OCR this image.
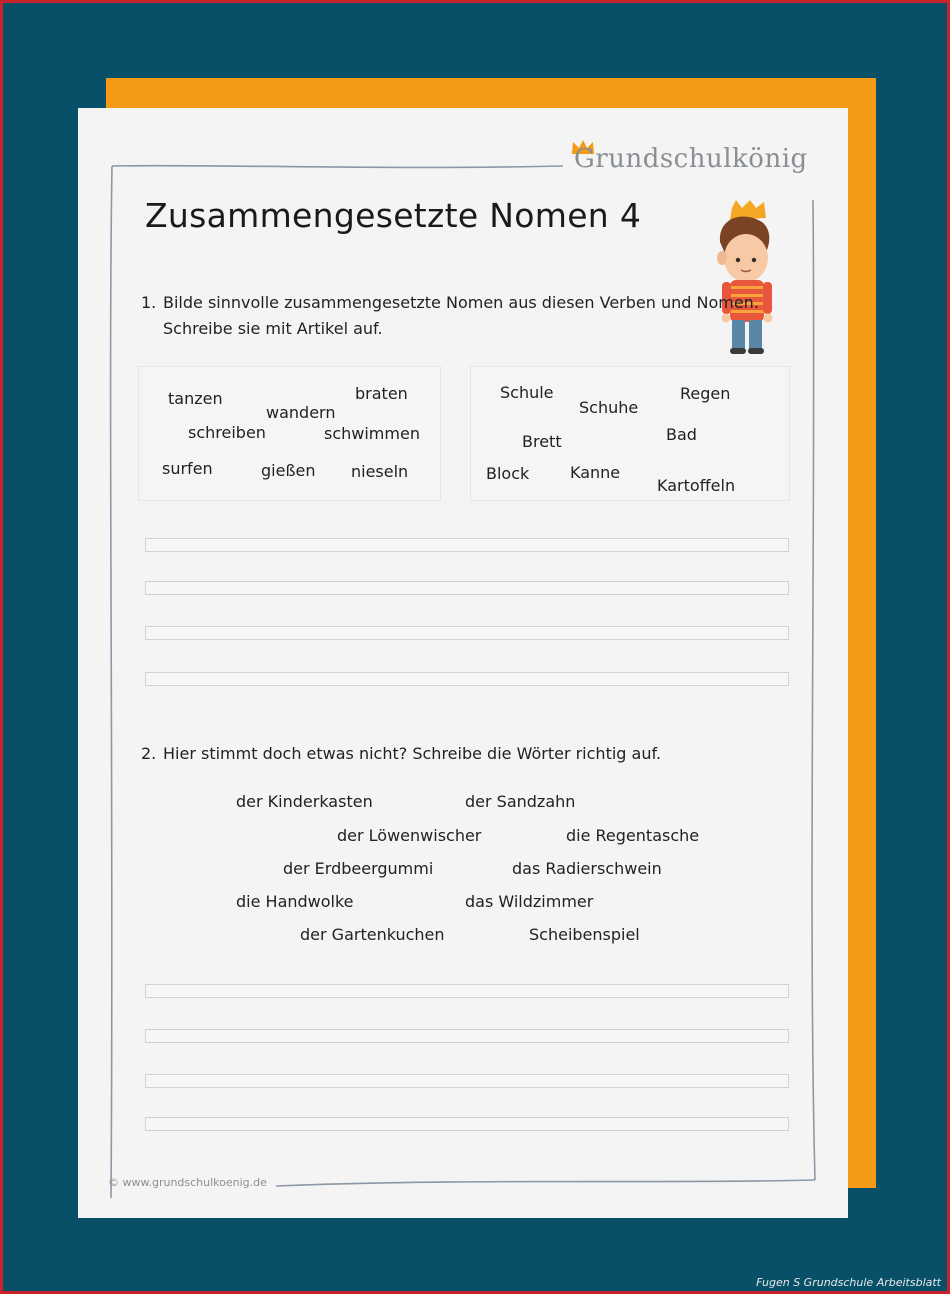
Grundschulkönig
Zusammengesetzte Nomen 4
1. Bilde sinnvolle zusammengesetzte Nomen aus diesen Verben und Nomen.
Schreibe sie mit Artikel auf.
tanzen
wandern
braten
schreiben	schwimmen
surfen	gießen nieseln
Schule
Schuhe
Regen
Brett	Bad
Block	Kanne
Kartoffeln
2. Hier stimmt doch etwas nicht? Schreibe die Wörter richtig auf.
der Kinderkasten	der Sandzahn
der Löwenwischer	die Regentasche
der Erdbeergummi	das Radierschwein
die Handwolke	das Wildzimmer
der Gartenkuchen	Scheibenspiel
© www.grundschulkoenig.de
Fugen S Grundschule Arbeitsblatt
